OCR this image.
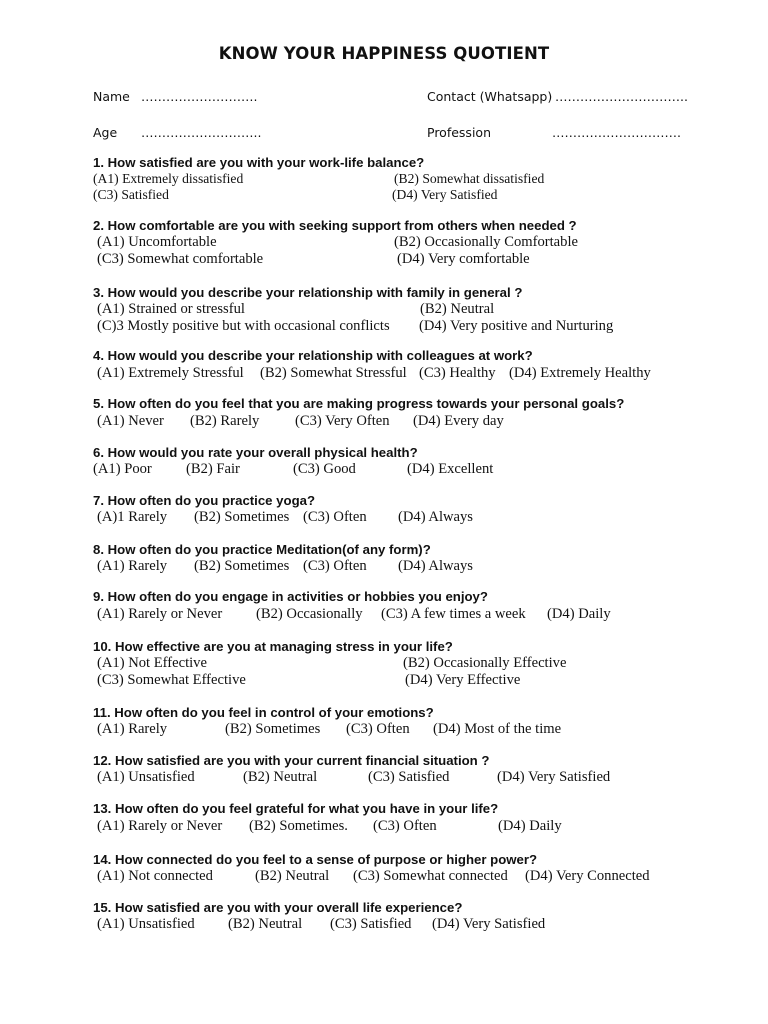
KNOW YOUR HAPPINESS QUOTIENT
Name ……………………….	Contact (Whatsapp) …………………………..
Age ………………………..	Profession	………………………….
1. How satisfied are you with your work-life balance?
(A1) Extremely dissatisfied	(B2) Somewhat dissatisfied
(C3) Satisfied	(D4) Very Satisfied
2. How comfortable are you with seeking support from others when needed ?
(A1) Uncomfortable	(B2) Occasionally Comfortable
(C3) Somewhat comfortable	(D4) Very comfortable
3. How would you describe your relationship with family in general ?
(A1) Strained or stressful	(B2) Neutral
(C)3 Mostly positive but with occasional conflicts (D4) Very positive and Nurturing
4. How would you describe your relationship with colleagues at work?
(A1) Extremely Stressful (B2) Somewhat Stressful (C3) Healthy (D4) Extremely Healthy
5. How often do you feel that you are making progress towards your personal goals?
(A1) Never (B2) Rarely (C3) Very Often (D4) Every day
6. How would you rate your overall physical health?
(A1) Poor (B2) Fair	(C3) Good	(D4) Excellent
7. How often do you practice yoga?
(A)1 Rarely (B2) Sometimes (C3) Often (D4) Always
8. How often do you practice Meditation(of any form)?
(A1) Rarely (B2) Sometimes (C3) Often (D4) Always
9. How often do you engage in activities or hobbies you enjoy?
(A1) Rarely or Never (B2) Occasionally (C3) A few times a week (D4) Daily
10. How effective are you at managing stress in your life?
(A1) Not Effective	(B2) Occasionally Effective
(C3) Somewhat Effective	(D4) Very Effective
11. How often do you feel in control of your emotions?
(A1) Rarely	(B2) Sometimes (C3) Often (D4) Most of the time
12. How satisfied are you with your current financial situation ?
(A1) Unsatisfied	(B2) Neutral	(C3) Satisfied	(D4) Very Satisfied
13. How often do you feel grateful for what you have in your life?
(A1) Rarely or Never (B2) Sometimes. (C3) Often	(D4) Daily
14. How connected do you feel to a sense of purpose or higher power?
(A1) Not connected	(B2) Neutral (C3) Somewhat connected (D4) Very Connected
15. How satisfied are you with your overall life experience?
(A1) Unsatisfied (B2) Neutral (C3) Satisfied (D4) Very Satisfied
